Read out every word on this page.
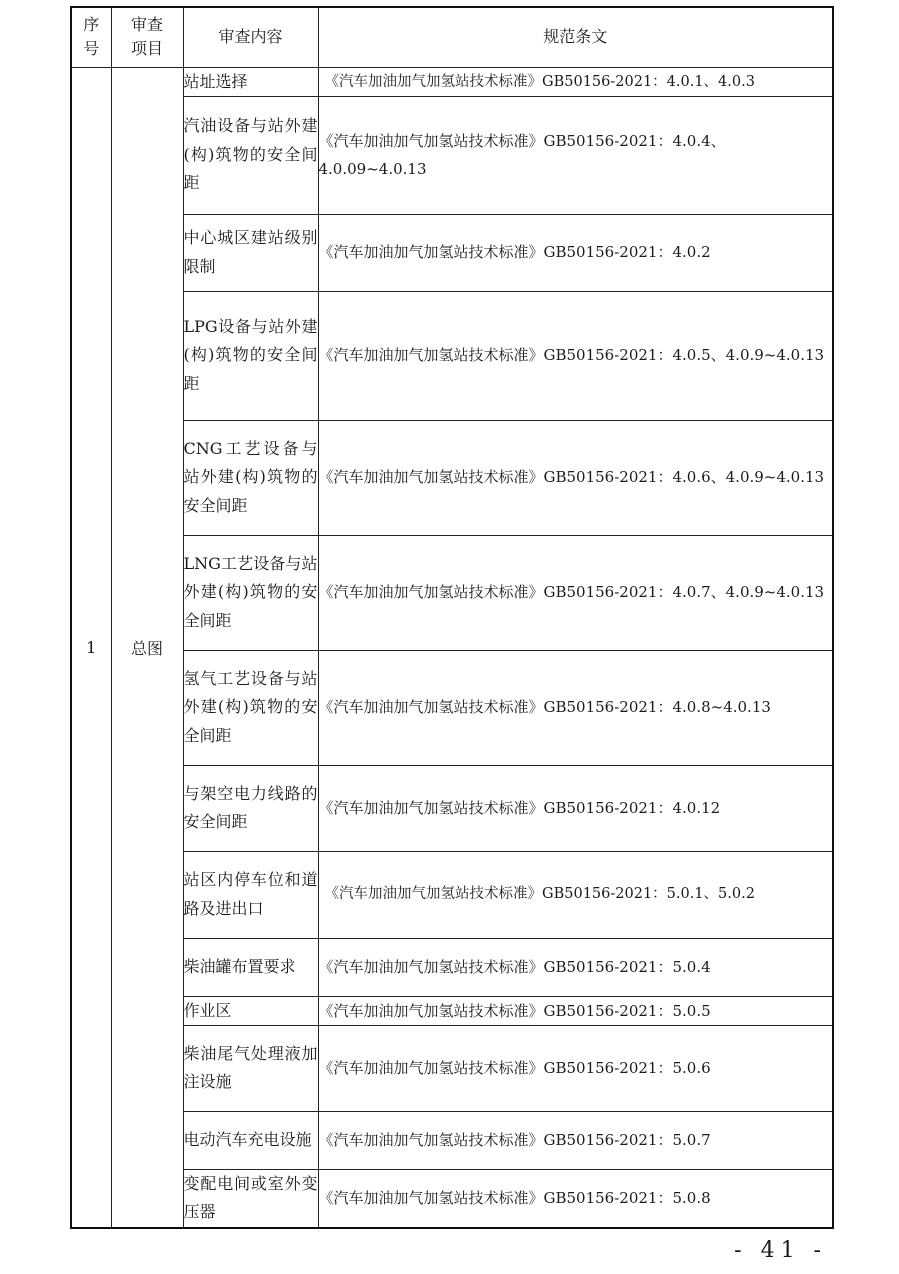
序号	审查项目	审查内容	规范条文
1	总图	站址选择	《汽车加油加气加氢站技术标准》GB50156-2021：4.0.1、4.0.3
		汽油设备与站外建(构)筑物的安全间距	《汽车加油加气加氢站技术标准》GB50156-2021：4.0.4、4.0.09~4.0.13
		中心城区建站级别限制	《汽车加油加气加氢站技术标准》GB50156-2021：4.0.2
		LPG设备与站外建(构)筑物的安全间距	《汽车加油加气加氢站技术标准》GB50156-2021：4.0.5、4.0.9~4.0.13
		CNG工艺设备与站外建(构)筑物的安全间距	《汽车加油加气加氢站技术标准》GB50156-2021：4.0.6、4.0.9~4.0.13
		LNG工艺设备与站外建(构)筑物的安全间距	《汽车加油加气加氢站技术标准》GB50156-2021：4.0.7、4.0.9~4.0.13
		氢气工艺设备与站外建(构)筑物的安全间距	《汽车加油加气加氢站技术标准》GB50156-2021：4.0.8~4.0.13
		与架空电力线路的安全间距	《汽车加油加气加氢站技术标准》GB50156-2021：4.0.12
		站区内停车位和道路及进出口	《汽车加油加气加氢站技术标准》GB50156-2021：5.0.1、5.0.2
		柴油罐布置要求	《汽车加油加气加氢站技术标准》GB50156-2021：5.0.4
		作业区	《汽车加油加气加氢站技术标准》GB50156-2021：5.0.5
		柴油尾气处理液加注设施	《汽车加油加气加氢站技术标准》GB50156-2021：5.0.6
		电动汽车充电设施	《汽车加油加气加氢站技术标准》GB50156-2021：5.0.7
		变配电间或室外变压器	《汽车加油加气加氢站技术标准》GB50156-2021：5.0.8
- 41 -
